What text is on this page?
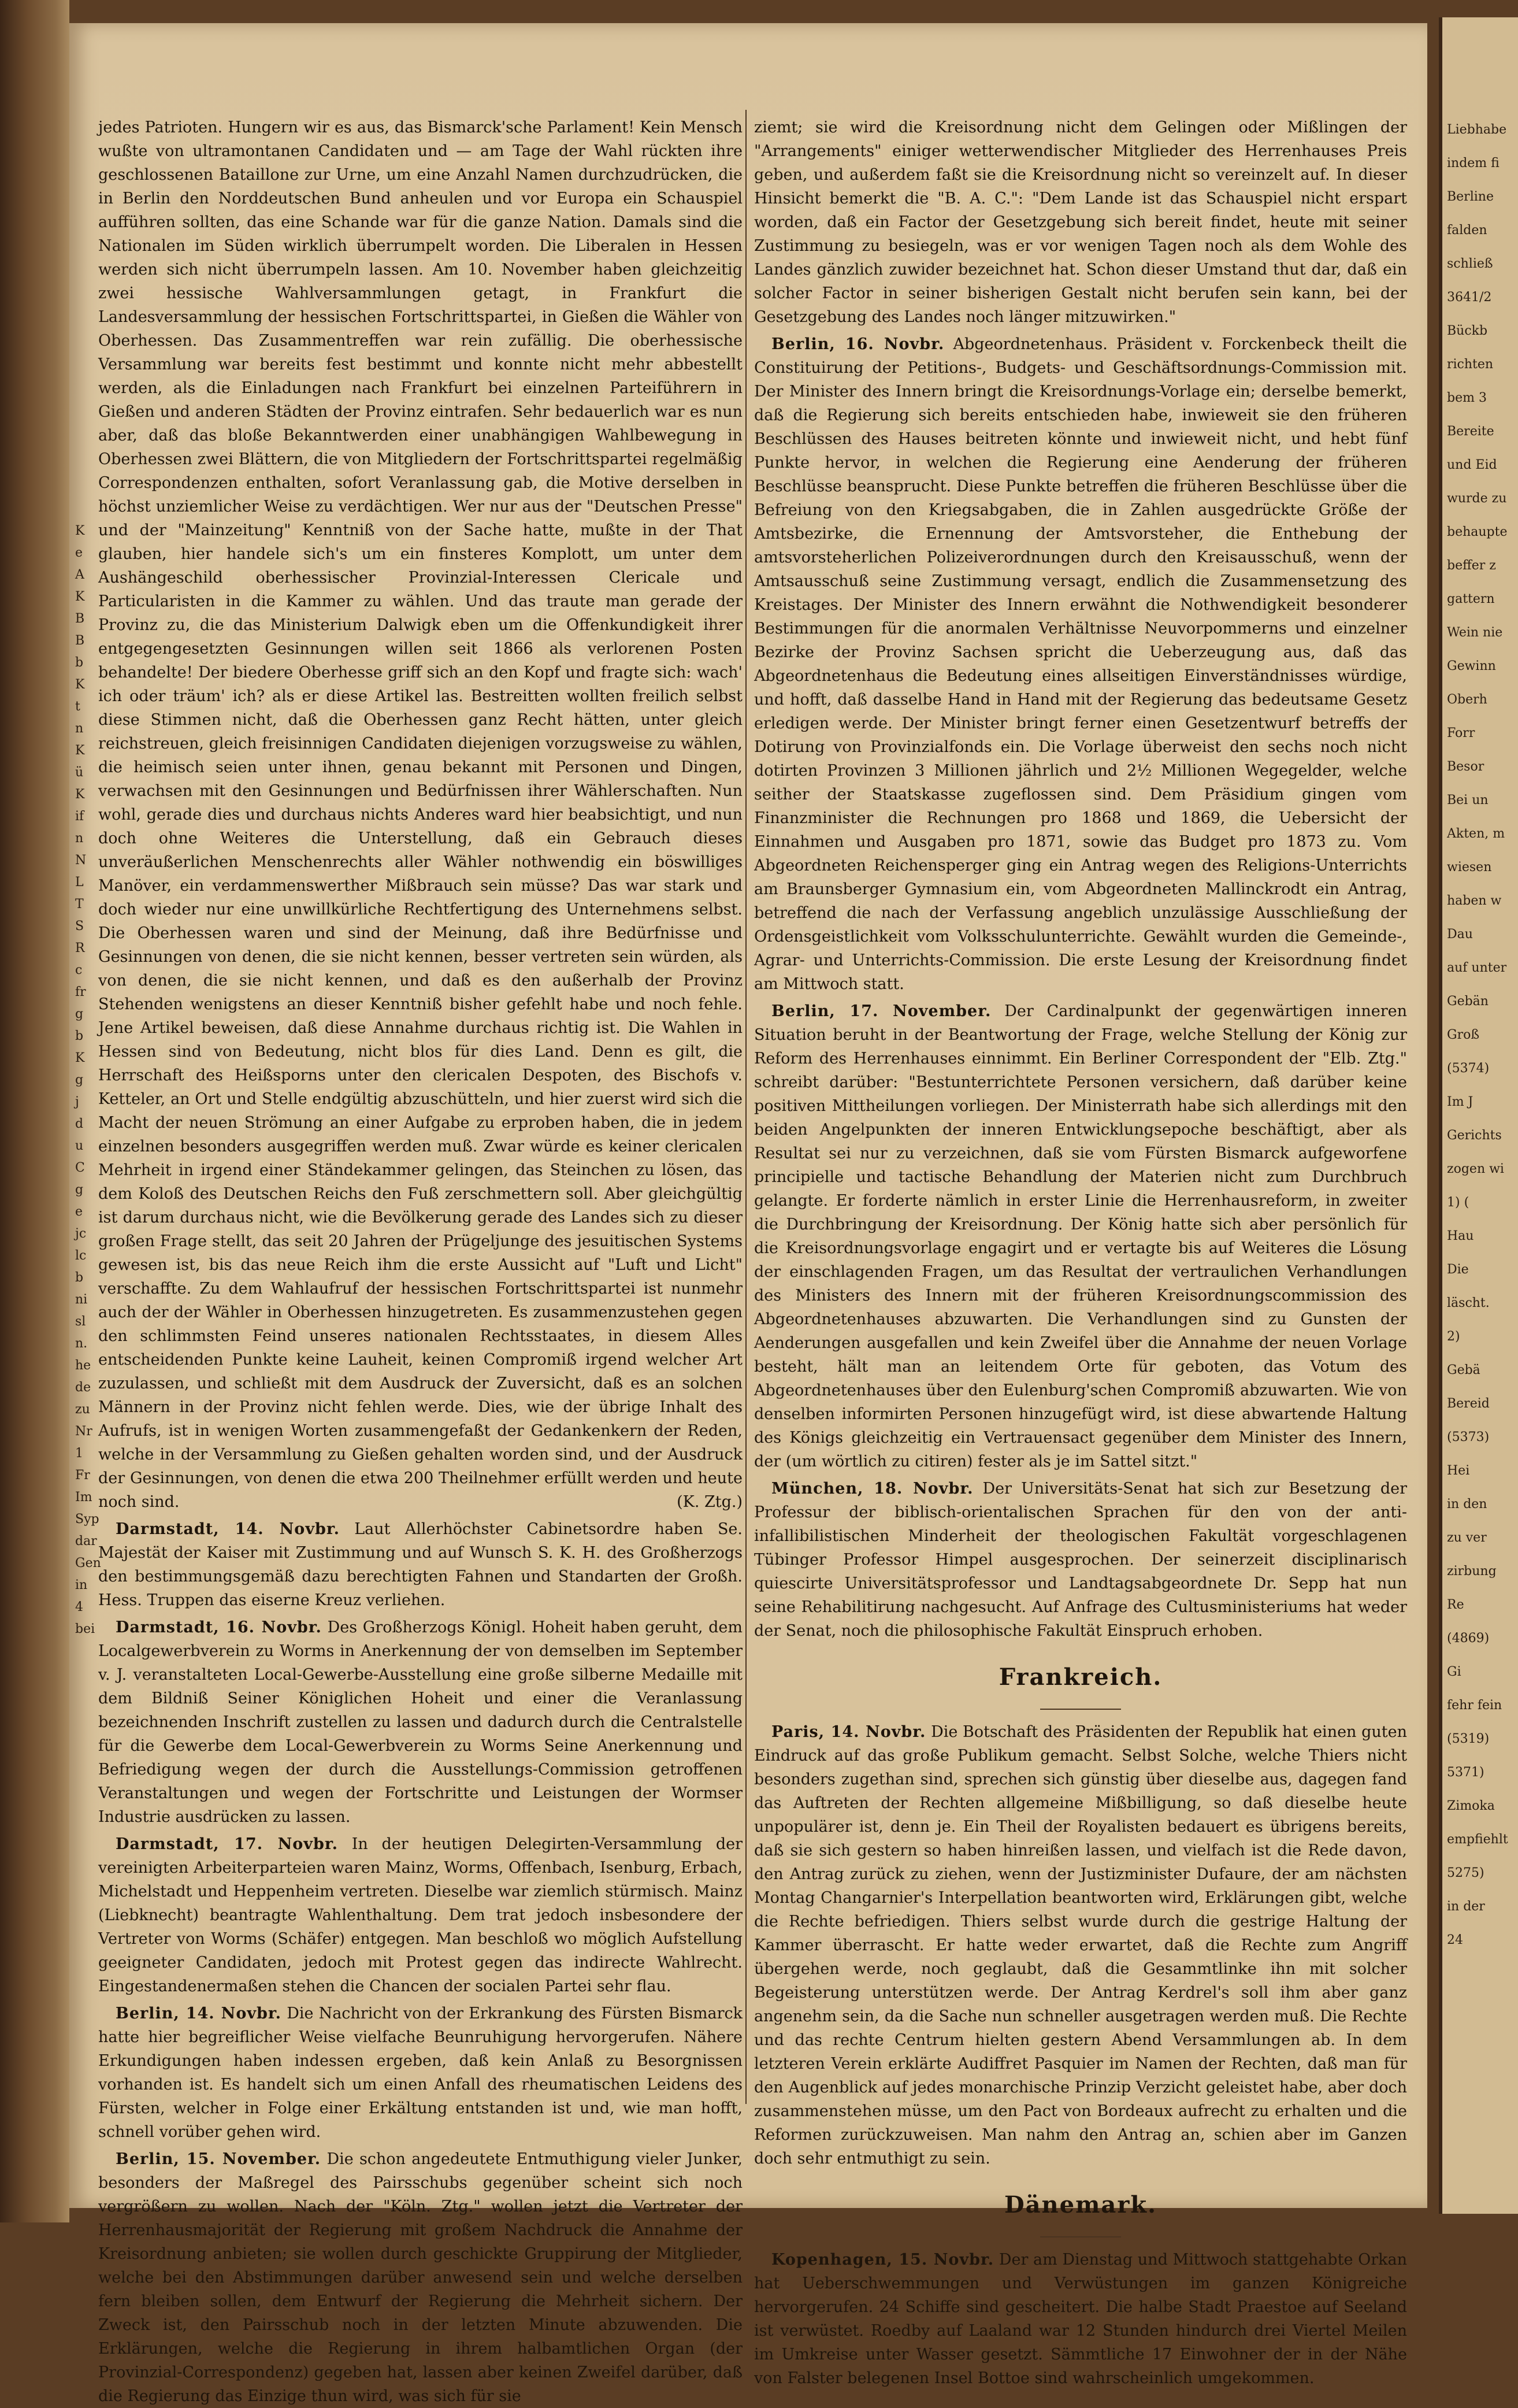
K
e
A
K
B
B
b
K
t
n
K
ü
K
if
n
N
L
T
S
R
c
fr
g
b
K
g
j
d
u
C
g
e
jc
lc
b
ni
sl
n.
he
de
zu
Nr
1
Fr
Im
Syp
dar
Gen
in
4
bei

jedes Patrioten. Hungern wir es aus, das Bismarck'sche Parlament! Kein Mensch wußte von ultramontanen Candidaten und — am Tage der Wahl rückten ihre geschlossenen Bataillone zur Urne, um eine Anzahl Namen durchzudrücken, die in Berlin den Norddeutschen Bund anheulen und vor Europa ein Schauspiel aufführen sollten, das eine Schande war für die ganze Nation. Damals sind die Nationalen im Süden wirklich überrumpelt worden. Die Liberalen in Hessen werden sich nicht überrumpeln lassen. Am 10. November haben gleichzeitig zwei hessische Wahlversammlungen getagt, in Frankfurt die Landesversammlung der hessischen Fortschrittspartei, in Gießen die Wähler von Oberhessen. Das Zusammentreffen war rein zufällig. Die oberhessische Versammlung war bereits fest bestimmt und konnte nicht mehr abbestellt werden, als die Einladungen nach Frankfurt bei einzelnen Parteiführern in Gießen und anderen Städten der Provinz eintrafen. Sehr bedauerlich war es nun aber, daß das bloße Bekanntwerden einer unabhängigen Wahlbewegung in Oberhessen zwei Blättern, die von Mitgliedern der Fortschrittspartei regelmäßig Correspondenzen enthalten, sofort Veranlassung gab, die Motive derselben in höchst unziemlicher Weise zu verdächtigen. Wer nur aus der "Deutschen Presse" und der "Mainzeitung" Kenntniß von der Sache hatte, mußte in der That glauben, hier handele sich's um ein finsteres Komplott, um unter dem Aushängeschild oberhessischer Provinzial-Interessen Clericale und Particularisten in die Kammer zu wählen. Und das traute man gerade der Provinz zu, die das Ministerium Dalwigk eben um die Offenkundigkeit ihrer entgegengesetzten Gesinnungen willen seit 1866 als verlorenen Posten behandelte! Der biedere Oberhesse griff sich an den Kopf und fragte sich: wach' ich oder träum' ich? als er diese Artikel las. Bestreitten wollten freilich selbst diese Stimmen nicht, daß die Oberhessen ganz Recht hätten, unter gleich reichstreuen, gleich freisinnigen Candidaten diejenigen vorzugsweise zu wählen, die heimisch seien unter ihnen, genau bekannt mit Personen und Dingen, verwachsen mit den Gesinnungen und Bedürfnissen ihrer Wählerschaften. Nun wohl, gerade dies und durchaus nichts Anderes ward hier beabsichtigt, und nun doch ohne Weiteres die Unterstellung, daß ein Gebrauch dieses unveräußerlichen Menschenrechts aller Wähler nothwendig ein böswilliges Manöver, ein verdammenswerther Mißbrauch sein müsse? Das war stark und doch wieder nur eine unwillkürliche Rechtfertigung des Unternehmens selbst. Die Oberhessen waren und sind der Meinung, daß ihre Bedürfnisse und Gesinnungen von denen, die sie nicht kennen, besser vertreten sein würden, als von denen, die sie nicht kennen, und daß es den außerhalb der Provinz Stehenden wenigstens an dieser Kenntniß bisher gefehlt habe und noch fehle. Jene Artikel beweisen, daß diese Annahme durchaus richtig ist. Die Wahlen in Hessen sind von Bedeutung, nicht blos für dies Land. Denn es gilt, die Herrschaft des Heißsporns unter den clericalen Despoten, des Bischofs v. Ketteler, an Ort und Stelle endgültig abzuschütteln, und hier zuerst wird sich die Macht der neuen Strömung an einer Aufgabe zu erproben haben, die in jedem einzelnen besonders ausgegriffen werden muß. Zwar würde es keiner clericalen Mehrheit in irgend einer Ständekammer gelingen, das Steinchen zu lösen, das dem Koloß des Deutschen Reichs den Fuß zerschmettern soll. Aber gleichgültig ist darum durchaus nicht, wie die Bevölkerung gerade des Landes sich zu dieser großen Frage stellt, das seit 20 Jahren der Prügeljunge des jesuitischen Systems gewesen ist, bis das neue Reich ihm die erste Aussicht auf "Luft und Licht" verschaffte. Zu dem Wahlaufruf der hessischen Fortschrittspartei ist nunmehr auch der der Wähler in Oberhessen hinzugetreten. Es zusammenzustehen gegen den schlimmsten Feind unseres nationalen Rechtsstaates, in diesem Alles entscheidenden Punkte keine Lauheit, keinen Compromiß irgend welcher Art zuzulassen, und schließt mit dem Ausdruck der Zuversicht, daß es an solchen Männern in der Provinz nicht fehlen werde. Dies, wie der übrige Inhalt des Aufrufs, ist in wenigen Worten zusammengefaßt der Gedankenkern der Reden, welche in der Versammlung zu Gießen gehalten worden sind, und der Ausdruck der Gesinnungen, von denen die etwa 200 Theilnehmer erfüllt werden und heute noch sind.	(K. Ztg.)

Darmstadt, 14. Novbr. Laut Allerhöchster Cabinetsordre haben Se. Majestät der Kaiser mit Zustimmung und auf Wunsch S. K. H. des Großherzogs den bestimmungsgemäß dazu berechtigten Fahnen und Standarten der Großh. Hess. Truppen das eiserne Kreuz verliehen.

Darmstadt, 16. Novbr. Des Großherzogs Königl. Hoheit haben geruht, dem Localgewerbverein zu Worms in Anerkennung der von demselben im September v. J. veranstalteten Local-Gewerbe-Ausstellung eine große silberne Medaille mit dem Bildniß Seiner Königlichen Hoheit und einer die Veranlassung bezeichnenden Inschrift zustellen zu lassen und dadurch durch die Centralstelle für die Gewerbe dem Local-Gewerbverein zu Worms Seine Anerkennung und Befriedigung wegen der durch die Ausstellungs-Commission getroffenen Veranstaltungen und wegen der Fortschritte und Leistungen der Wormser Industrie ausdrücken zu lassen.

Darmstadt, 17. Novbr. In der heutigen Delegirten-Versammlung der vereinigten Arbeiterparteien waren Mainz, Worms, Offenbach, Isenburg, Erbach, Michelstadt und Heppenheim vertreten. Dieselbe war ziemlich stürmisch. Mainz (Liebknecht) beantragte Wahlenthaltung. Dem trat jedoch insbesondere der Vertreter von Worms (Schäfer) entgegen. Man beschloß wo möglich Aufstellung geeigneter Candidaten, jedoch mit Protest gegen das indirecte Wahlrecht. Eingestandenermaßen stehen die Chancen der socialen Partei sehr flau.

Berlin, 14. Novbr. Die Nachricht von der Erkrankung des Fürsten Bismarck hatte hier begreiflicher Weise vielfache Beunruhigung hervorgerufen. Nähere Erkundigungen haben indessen ergeben, daß kein Anlaß zu Besorgnissen vorhanden ist. Es handelt sich um einen Anfall des rheumatischen Leidens des Fürsten, welcher in Folge einer Erkältung entstanden ist und, wie man hofft, schnell vorüber gehen wird.

Berlin, 15. November. Die schon angedeutete Entmuthigung vieler Junker, besonders der Maßregel des Pairsschubs gegenüber scheint sich noch vergrößern zu wollen. Nach der "Köln. Ztg." wollen jetzt die Vertreter der Herrenhausmajorität der Regierung mit großem Nachdruck die Annahme der Kreisordnung anbieten; sie wollen durch geschickte Gruppirung der Mitglieder, welche bei den Abstimmungen darüber anwesend sein und welche derselben fern bleiben sollen, dem Entwurf der Regierung die Mehrheit sichern. Der Zweck ist, den Pairsschub noch in der letzten Minute abzuwenden. Die Erklärungen, welche die Regierung in ihrem halbamtlichen Organ (der Provinzial-Correspondenz) gegeben hat, lassen aber keinen Zweifel darüber, daß die Regierung das Einzige thun wird, was sich für sie

ziemt; sie wird die Kreisordnung nicht dem Gelingen oder Mißlingen der "Arrangements" einiger wetterwendischer Mitglieder des Herrenhauses Preis geben, und außerdem faßt sie die Kreisordnung nicht so vereinzelt auf. In dieser Hinsicht bemerkt die "B. A. C.": "Dem Lande ist das Schauspiel nicht erspart worden, daß ein Factor der Gesetzgebung sich bereit findet, heute mit seiner Zustimmung zu besiegeln, was er vor wenigen Tagen noch als dem Wohle des Landes gänzlich zuwider bezeichnet hat. Schon dieser Umstand thut dar, daß ein solcher Factor in seiner bisherigen Gestalt nicht berufen sein kann, bei der Gesetzgebung des Landes noch länger mitzuwirken."

Berlin, 16. Novbr. Abgeordnetenhaus. Präsident v. Forckenbeck theilt die Constituirung der Petitions-, Budgets- und Geschäftsordnungs-Commission mit. Der Minister des Innern bringt die Kreisordnungs-Vorlage ein; derselbe bemerkt, daß die Regierung sich bereits entschieden habe, inwieweit sie den früheren Beschlüssen des Hauses beitreten könnte und inwieweit nicht, und hebt fünf Punkte hervor, in welchen die Regierung eine Aenderung der früheren Beschlüsse beansprucht. Diese Punkte betreffen die früheren Beschlüsse über die Befreiung von den Kriegsabgaben, die in Zahlen ausgedrückte Größe der Amtsbezirke, die Ernennung der Amtsvorsteher, die Enthebung der amtsvorsteherlichen Polizeiverordnungen durch den Kreisausschuß, wenn der Amtsausschuß seine Zustimmung versagt, endlich die Zusammensetzung des Kreistages. Der Minister des Innern erwähnt die Nothwendigkeit besonderer Bestimmungen für die anormalen Verhältnisse Neuvorpommerns und einzelner Bezirke der Provinz Sachsen spricht die Ueberzeugung aus, daß das Abgeordnetenhaus die Bedeutung eines allseitigen Einverständnisses würdige, und hofft, daß dasselbe Hand in Hand mit der Regierung das bedeutsame Gesetz erledigen werde. Der Minister bringt ferner einen Gesetzentwurf betreffs der Dotirung von Provinzialfonds ein. Die Vorlage überweist den sechs noch nicht dotirten Provinzen 3 Millionen jährlich und 2½ Millionen Wegegelder, welche seither der Staatskasse zugeflossen sind. Dem Präsidium gingen vom Finanzminister die Rechnungen pro 1868 und 1869, die Uebersicht der Einnahmen und Ausgaben pro 1871, sowie das Budget pro 1873 zu. Vom Abgeordneten Reichensperger ging ein Antrag wegen des Religions-Unterrichts am Braunsberger Gymnasium ein, vom Abgeordneten Mallinckrodt ein Antrag, betreffend die nach der Verfassung angeblich unzulässige Ausschließung der Ordensgeistlichkeit vom Volksschulunterrichte. Gewählt wurden die Gemeinde-, Agrar- und Unterrichts-Commission. Die erste Lesung der Kreisordnung findet am Mittwoch statt.

Berlin, 17. November. Der Cardinalpunkt der gegenwärtigen inneren Situation beruht in der Beantwortung der Frage, welche Stellung der König zur Reform des Herrenhauses einnimmt. Ein Berliner Correspondent der "Elb. Ztg." schreibt darüber: "Bestunterrichtete Personen versichern, daß darüber keine positiven Mittheilungen vorliegen. Der Ministerrath habe sich allerdings mit den beiden Angelpunkten der inneren Entwicklungsepoche beschäftigt, aber als Resultat sei nur zu verzeichnen, daß sie vom Fürsten Bismarck aufgeworfene principielle und tactische Behandlung der Materien nicht zum Durchbruch gelangte. Er forderte nämlich in erster Linie die Herrenhausreform, in zweiter die Durchbringung der Kreisordnung. Der König hatte sich aber persönlich für die Kreisordnungsvorlage engagirt und er vertagte bis auf Weiteres die Lösung der einschlagenden Fragen, um das Resultat der vertraulichen Verhandlungen des Ministers des Innern mit der früheren Kreisordnungscommission des Abgeordnetenhauses abzuwarten. Die Verhandlungen sind zu Gunsten der Aenderungen ausgefallen und kein Zweifel über die Annahme der neuen Vorlage besteht, hält man an leitendem Orte für geboten, das Votum des Abgeordnetenhauses über den Eulenburg'schen Compromiß abzuwarten. Wie von denselben informirten Personen hinzugefügt wird, ist diese abwartende Haltung des Königs gleichzeitig ein Vertrauensact gegenüber dem Minister des Innern, der (um wörtlich zu citiren) fester als je im Sattel sitzt."

München, 18. Novbr. Der Universitäts-Senat hat sich zur Besetzung der Professur der biblisch-orientalischen Sprachen für den von der anti-infallibilistischen Minderheit der theologischen Fakultät vorgeschlagenen Tübinger Professor Himpel ausgesprochen. Der seinerzeit disciplinarisch quiescirte Universitätsprofessor und Landtagsabgeordnete Dr. Sepp hat nun seine Rehabilitirung nachgesucht. Auf Anfrage des Cultusministeriums hat weder der Senat, noch die philosophische Fakultät Einspruch erhoben.

Frankreich.

Paris, 14. Novbr. Die Botschaft des Präsidenten der Republik hat einen guten Eindruck auf das große Publikum gemacht. Selbst Solche, welche Thiers nicht besonders zugethan sind, sprechen sich günstig über dieselbe aus, dagegen fand das Auftreten der Rechten allgemeine Mißbilligung, so daß dieselbe heute unpopulärer ist, denn je. Ein Theil der Royalisten bedauert es übrigens bereits, daß sie sich gestern so haben hinreißen lassen, und vielfach ist die Rede davon, den Antrag zurück zu ziehen, wenn der Justizminister Dufaure, der am nächsten Montag Changarnier's Interpellation beantworten wird, Erklärungen gibt, welche die Rechte befriedigen. Thiers selbst wurde durch die gestrige Haltung der Kammer überrascht. Er hatte weder erwartet, daß die Rechte zum Angriff übergehen werde, noch geglaubt, daß die Gesammtlinke ihn mit solcher Begeisterung unterstützen werde. Der Antrag Kerdrel's soll ihm aber ganz angenehm sein, da die Sache nun schneller ausgetragen werden muß. Die Rechte und das rechte Centrum hielten gestern Abend Versammlungen ab. In dem letzteren Verein erklärte Audiffret Pasquier im Namen der Rechten, daß man für den Augenblick auf jedes monarchische Prinzip Verzicht geleistet habe, aber doch zusammenstehen müsse, um den Pact von Bordeaux aufrecht zu erhalten und die Reformen zurückzuweisen. Man nahm den Antrag an, schien aber im Ganzen doch sehr entmuthigt zu sein.

Dänemark.

Kopenhagen, 15. Novbr. Der am Dienstag und Mittwoch stattgehabte Orkan hat Ueberschwemmungen und Verwüstungen im ganzen Königreiche hervorgerufen. 24 Schiffe sind gescheitert. Die halbe Stadt Praestoe auf Seeland ist verwüstet. Roedby auf Laaland war 12 Stunden hindurch drei Viertel Meilen im Umkreise unter Wasser gesetzt. Sämmtliche 17 Einwohner der in der Nähe von Falster belegenen Insel Bottoe sind wahrscheinlich umgekommen.

Liebhabe
indem fi
Berline
falden
schließ
3641/2
Bückb
richten
bem 3
Bereite
und Eid
wurde zu
behaupte
beffer z
gattern
Wein nie
Gewinn
Oberh
Forr
Besor
Bei un
Akten, m
wiesen
haben w
Dau
auf unter
Gebän
Groß
(5374)
Im J
Gerichts
zogen wi
1) (
Hau
Die
läscht.
2)
Gebä
Bereid
(5373)
Hei
in den
zu ver
zirbung
Re
(4869)
Gi
fehr fein
(5319)
5371)
Zimoka
empfiehlt
5275)
in der
24
